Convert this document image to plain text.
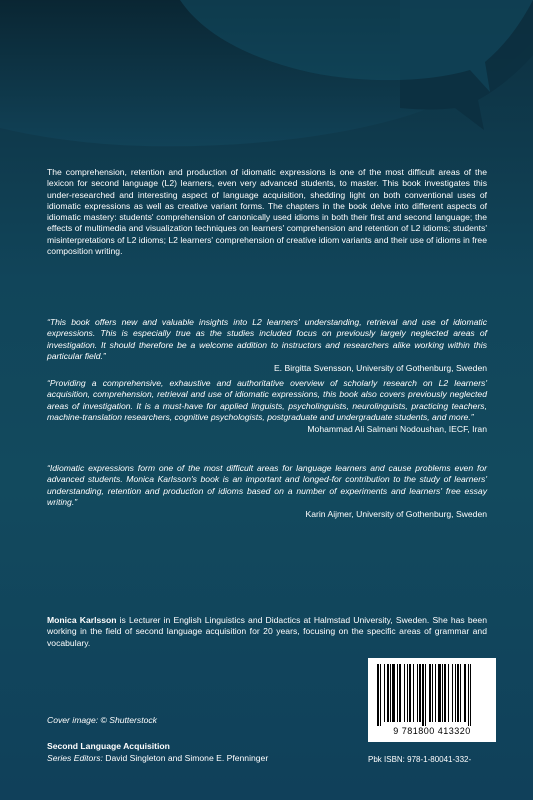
The comprehension, retention and production of idiomatic expressions is one of the most difficult areas of the lexicon for second language (L2) learners, even very advanced students, to master. This book investigates this under-researched and interesting aspect of language acquisition, shedding light on both conventional uses of idiomatic expressions as well as creative variant forms. The chapters in the book delve into different aspects of idiomatic mastery: students' comprehension of canonically used idioms in both their first and second language; the effects of multimedia and visualization techniques on learners' comprehension and retention of L2 idioms; students' misinterpretations of L2 idioms; L2 learners' comprehension of creative idiom variants and their use of idioms in free composition writing.
“This book offers new and valuable insights into L2 learners' understanding, retrieval and use of idiomatic expressions. This is especially true as the studies included focus on previously largely neglected areas of investigation. It should therefore be a welcome addition to instructors and researchers alike working within this particular field.”
E. Birgitta Svensson, University of Gothenburg, Sweden
“Providing a comprehensive, exhaustive and authoritative overview of scholarly research on L2 learners' acquisition, comprehension, retrieval and use of idiomatic expressions, this book also covers previously neglected areas of investigation. It is a must-have for applied linguists, psycholinguists, neurolinguists, practicing teachers, machine-translation researchers, cognitive psychologists, postgraduate and undergraduate students, and more.”
Mohammad Ali Salmani Nodoushan, IECF, Iran
“Idiomatic expressions form one of the most difficult areas for language learners and cause problems even for advanced students. Monica Karlsson's book is an important and longed-for contribution to the study of learners' understanding, retention and production of idioms based on a number of experiments and learners' free essay writing.”
Karin Aijmer, University of Gothenburg, Sweden
Monica Karlsson is Lecturer in English Linguistics and Didactics at Halmstad University, Sweden. She has been working in the field of second language acquisition for 20 years, focusing on the specific areas of grammar and vocabulary.
Cover image: © Shutterstock
Second Language Acquisition
Series Editors: David Singleton and Simone E. Pfenninger
9 781800 413320
Pbk ISBN: 978-1-80041-332-
